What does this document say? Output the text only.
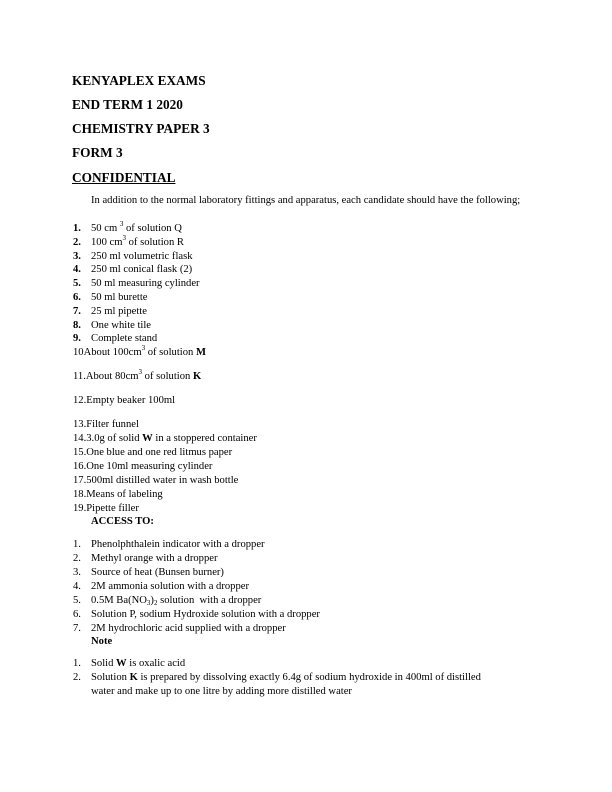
KENYAPLEX EXAMS

END TERM 1 2020

CHEMISTRY PAPER 3

FORM 3

CONFIDENTIAL

In addition to the normal laboratory fittings and apparatus, each candidate should have the following;
1. 50 cm $^3$ of solution Q
2. 100 $cm^3$ of solution R
3. 250 ml volumetric flask
4. 250 ml conical flask (2)
5. 50 ml measuring cylinder
6. 50 ml burette
7. 25 ml pipette
8. One white tile
9. Complete stand
10About $100cm^3$ of solution M
11.About $80cm^3$ of solution K
12.Empty beaker 100ml
13.Filter funnel
14.3.0g of solid W in a stoppered container
15.One blue and one red litmus paper
16.One 10ml measuring cylinder
17.500ml distilled water in wash bottle
18.Means of labeling
19.Pipette filler
ACCESS TO:
1. Phenolphthalein indicator with a dropper
2. Methyl orange with a dropper
3. Source of heat (Bunsen burner)
4. 2M ammonia solution with a dropper
5. 0.5M $Ba(NO_3)_2$ solution  with a dropper
6. Solution P, sodium Hydroxide solution with a dropper
7. 2M hydrochloric acid supplied with a dropper
Note
1. Solid W is oxalic acid
2. Solution K is prepared by dissolving exactly 6.4g of sodium hydroxide in 400ml of distilled
water and make up to one litre by adding more distilled water
